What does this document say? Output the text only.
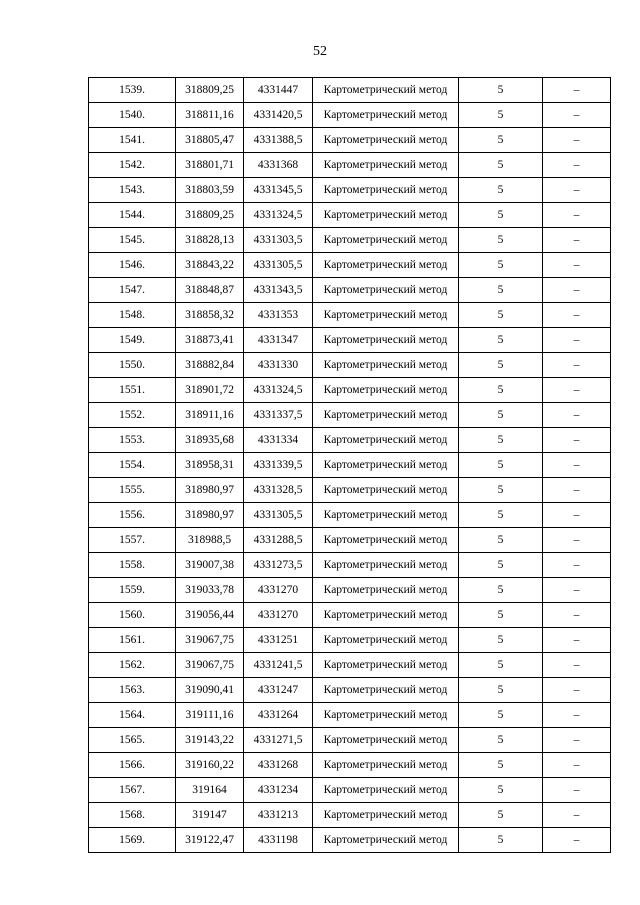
52
1539.	318809,25	4331447	Картометрический метод	5	–
1540.	318811,16	4331420,5	Картометрический метод	5	–
1541.	318805,47	4331388,5	Картометрический метод	5	–
1542.	318801,71	4331368	Картометрический метод	5	–
1543.	318803,59	4331345,5	Картометрический метод	5	–
1544.	318809,25	4331324,5	Картометрический метод	5	–
1545.	318828,13	4331303,5	Картометрический метод	5	–
1546.	318843,22	4331305,5	Картометрический метод	5	–
1547.	318848,87	4331343,5	Картометрический метод	5	–
1548.	318858,32	4331353	Картометрический метод	5	–
1549.	318873,41	4331347	Картометрический метод	5	–
1550.	318882,84	4331330	Картометрический метод	5	–
1551.	318901,72	4331324,5	Картометрический метод	5	–
1552.	318911,16	4331337,5	Картометрический метод	5	–
1553.	318935,68	4331334	Картометрический метод	5	–
1554.	318958,31	4331339,5	Картометрический метод	5	–
1555.	318980,97	4331328,5	Картометрический метод	5	–
1556.	318980,97	4331305,5	Картометрический метод	5	–
1557.	318988,5	4331288,5	Картометрический метод	5	–
1558.	319007,38	4331273,5	Картометрический метод	5	–
1559.	319033,78	4331270	Картометрический метод	5	–
1560.	319056,44	4331270	Картометрический метод	5	–
1561.	319067,75	4331251	Картометрический метод	5	–
1562.	319067,75	4331241,5	Картометрический метод	5	–
1563.	319090,41	4331247	Картометрический метод	5	–
1564.	319111,16	4331264	Картометрический метод	5	–
1565.	319143,22	4331271,5	Картометрический метод	5	–
1566.	319160,22	4331268	Картометрический метод	5	–
1567.	319164	4331234	Картометрический метод	5	–
1568.	319147	4331213	Картометрический метод	5	–
1569.	319122,47	4331198	Картометрический метод	5	–
